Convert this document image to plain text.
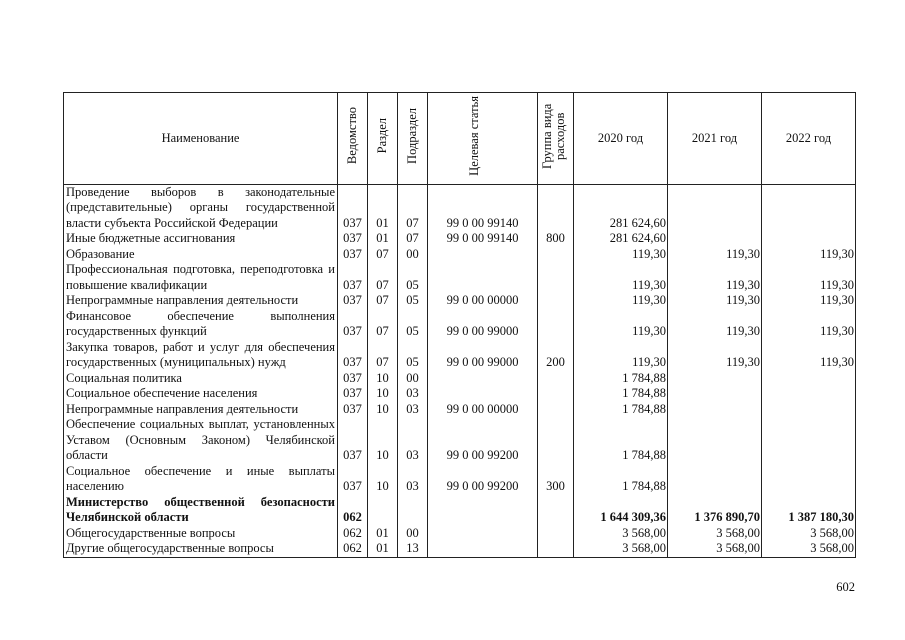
Наименование	Ведомство	Раздел	Подраздел	Целевая статья	Группа вида расходов	2020 год	2021 год	2022 год
Проведение выборов в законодательные (представительные) органы государственной власти субъекта Российской Федерации	037	01	07	99 0 00 99140		281 624,60		
Иные бюджетные ассигнования	037	01	07	99 0 00 99140	800	281 624,60		
Образование	037	07	00			119,30	119,30	119,30
Профессиональная подготовка, переподготовка и повышение квалификации	037	07	05			119,30	119,30	119,30
Непрограммные направления деятельности	037	07	05	99 0 00 00000		119,30	119,30	119,30
Финансовое обеспечение выполнения государственных функций	037	07	05	99 0 00 99000		119,30	119,30	119,30
Закупка товаров, работ и услуг для обеспечения государственных (муниципальных) нужд	037	07	05	99 0 00 99000	200	119,30	119,30	119,30
Социальная политика	037	10	00			1 784,88		
Социальное обеспечение населения	037	10	03			1 784,88		
Непрограммные направления деятельности	037	10	03	99 0 00 00000		1 784,88		
Обеспечение социальных выплат, установленных Уставом (Основным Законом) Челябинской области	037	10	03	99 0 00 99200		1 784,88		
Социальное обеспечение и иные выплаты населению	037	10	03	99 0 00 99200	300	1 784,88		
Министерство общественной безопасности Челябинской области	062					1 644 309,36	1 376 890,70	1 387 180,30
Общегосударственные вопросы	062	01	00			3 568,00	3 568,00	3 568,00
Другие общегосударственные вопросы	062	01	13			3 568,00	3 568,00	3 568,00
602
